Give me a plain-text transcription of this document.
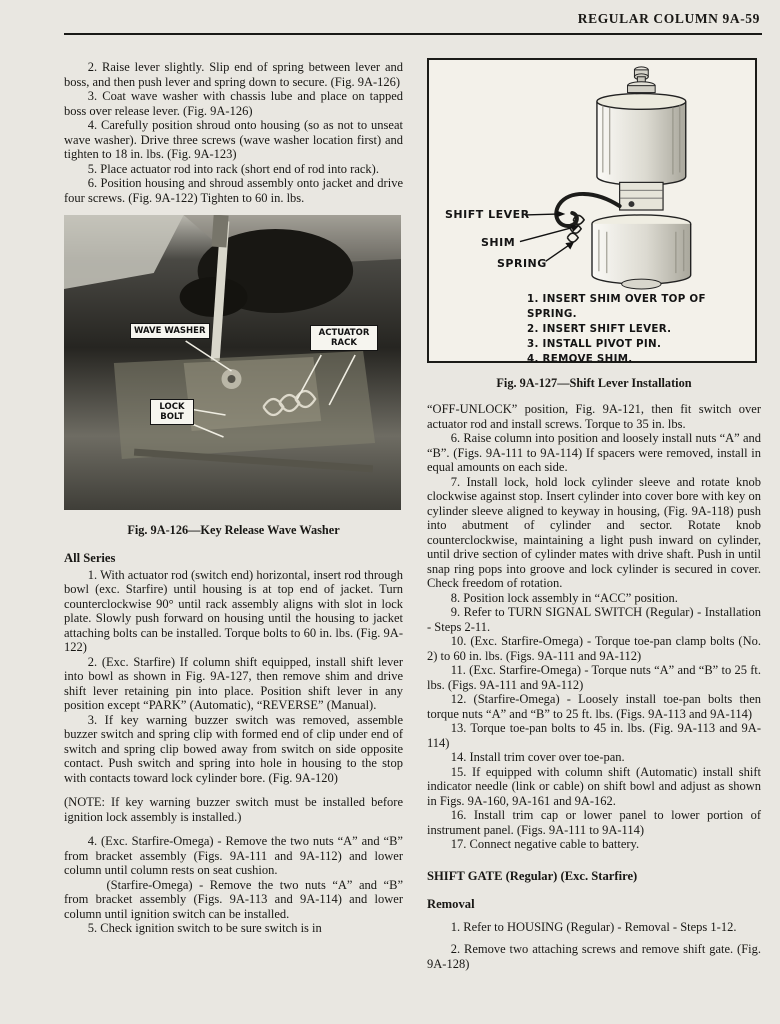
REGULAR COLUMN 9A-59

2. Raise lever slightly. Slip end of spring between lever and boss, and then push lever and spring down to secure. (Fig. 9A-126)

3. Coat wave washer with chassis lube and place on tapped boss over release lever. (Fig. 9A-126)

4. Carefully position shroud onto housing (so as not to unseat wave washer). Drive three screws (wave washer location first) and tighten to 18 in. lbs. (Fig. 9A-123)

5. Place actuator rod into rack (short end of rod into rack).

6. Position housing and shroud assembly onto jacket and drive four screws. (Fig. 9A-122) Tighten to 60 in. lbs.

WAVE WASHER	ACTUATOR RACK
LOCK BOLT
Fig. 9A-126—Key Release Wave Washer
All Series

1. With actuator rod (switch end) horizontal, insert rod through bowl (exc. Starfire) until housing is at top end of jacket. Turn counterclockwise 90° until rack assembly aligns with slot in lock plate. Slowly push forward on housing until the housing to jacket attaching bolts can be installed. Torque bolts to 60 in. lbs. (Fig. 9A-122)

2. (Exc. Starfire) If column shift equipped, install shift lever into bowl as shown in Fig. 9A-127, then remove shim and drive shift lever retaining pin into place. Position shift lever in any position except “PARK” (Automatic), “REVERSE” (Manual).

3. If key warning buzzer switch was removed, assemble buzzer switch and spring clip with formed end of clip under end of switch and spring clip bowed away from switch on side opposite contact. Push switch and spring into hole in housing to the stop with contacts toward lock cylinder bore. (Fig. 9A-120)

(NOTE: If key warning buzzer switch must be installed before ignition lock assembly is installed.)

4. (Exc. Starfire-Omega) - Remove the two nuts “A” and “B” from bracket assembly (Figs. 9A-111 and 9A-112) and lower column until column rests on seat cushion.

(Starfire-Omega) - Remove the two nuts “A” and “B” from bracket assembly (Figs. 9A-113 and 9A-114) and lower column until ignition switch can be installed.

5. Check ignition switch to be sure switch is in

SHIFT LEVER
SHIM
SPRING
1. INSERT SHIM OVER TOP OF SPRING.
2. INSERT SHIFT LEVER.
3. INSTALL PIVOT PIN.
4. REMOVE SHIM.
Fig. 9A-127—Shift Lever Installation

“OFF-UNLOCK” position, Fig. 9A-121, then fit switch over actuator rod and install screws. Torque to 35 in. lbs.

6. Raise column into position and loosely install nuts “A” and “B”. (Figs. 9A-111 to 9A-114) If spacers were removed, install in equal amounts on each side.

7. Install lock, hold lock cylinder sleeve and rotate knob clockwise against stop. Insert cylinder into cover bore with key on cylinder sleeve aligned to keyway in housing, (Fig. 9A-118) push into abutment of cylinder and sector. Rotate knob counterclockwise, maintaining a light push inward on cylinder, until drive section of cylinder mates with drive shaft. Push in until snap ring pops into groove and lock cylinder is secured in cover. Check freedom of rotation.

8. Position lock assembly in “ACC” position.

9. Refer to TURN SIGNAL SWITCH (Regular) - Installation - Steps 2-11.

10. (Exc. Starfire-Omega) - Torque toe-pan clamp bolts (No. 2) to 60 in. lbs. (Figs. 9A-111 and 9A-112)

11. (Exc. Starfire-Omega) - Torque nuts “A” and “B” to 25 ft. lbs. (Figs. 9A-111 and 9A-112)

12. (Starfire-Omega) - Loosely install toe-pan bolts then torque nuts “A” and “B” to 25 ft. lbs. (Figs. 9A-113 and 9A-114)

13. Torque toe-pan bolts to 45 in. lbs. (Fig. 9A-113 and 9A-114)

14. Install trim cover over toe-pan.

15. If equipped with column shift (Automatic) install shift indicator needle (link or cable) on shift bowl and adjust as shown in Figs. 9A-160, 9A-161 and 9A-162.

16. Install trim cap or lower panel to lower portion of instrument panel. (Figs. 9A-111 to 9A-114)

17. Connect negative cable to battery.

SHIFT GATE (Regular) (Exc. Starfire)
Removal

1. Refer to HOUSING (Regular) - Removal - Steps 1-12.

2. Remove two attaching screws and remove shift gate. (Fig. 9A-128)
